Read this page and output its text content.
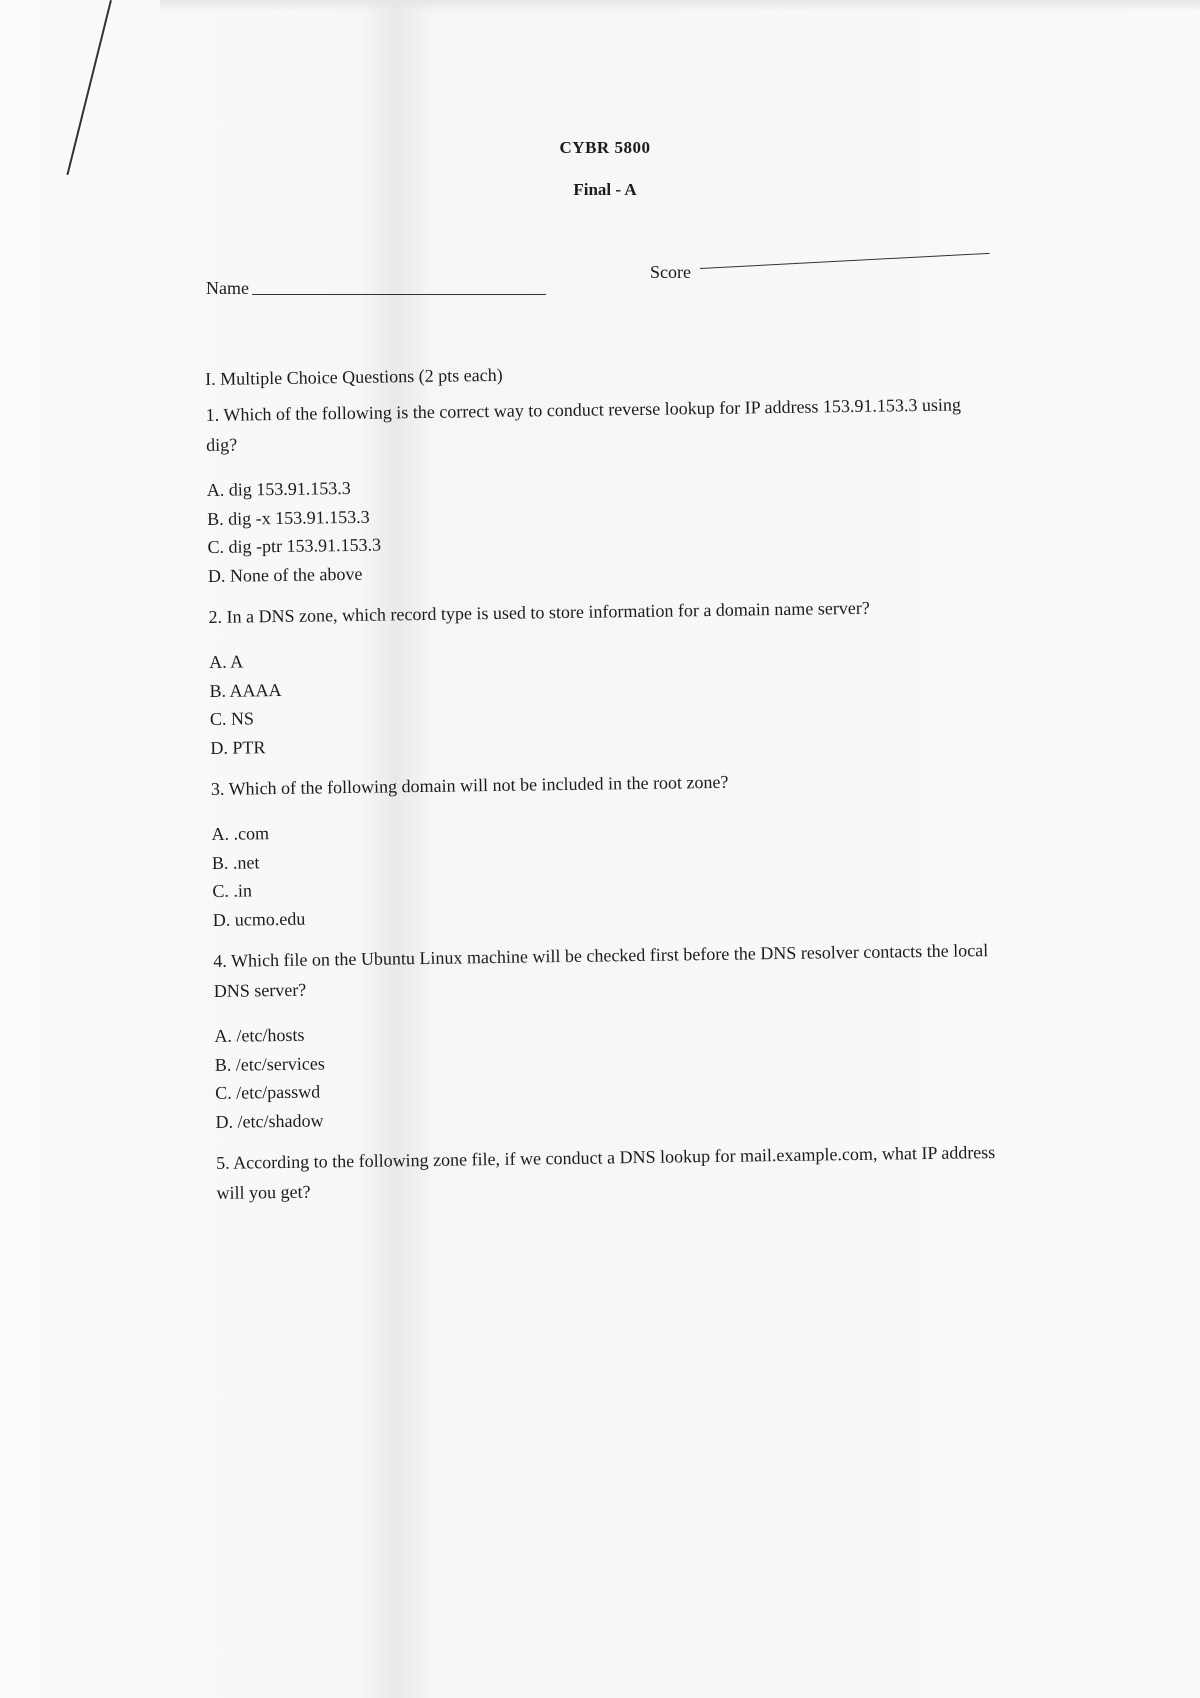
CYBR 5800
Final - A
Name
Score
I. Multiple Choice Questions (2 pts each)
1. Which of the following is the correct way to conduct reverse lookup for IP address 153.91.153.3 using dig?
A. dig 153.91.153.3
B. dig -x 153.91.153.3
C. dig -ptr 153.91.153.3
D. None of the above
2. In a DNS zone, which record type is used to store information for a domain name server?
A. A
B. AAAA
C. NS
D. PTR
3. Which of the following domain will not be included in the root zone?
A. .com
B. .net
C. .in
D. ucmo.edu
4. Which file on the Ubuntu Linux machine will be checked first before the DNS resolver contacts the local DNS server?
A. /etc/hosts
B. /etc/services
C. /etc/passwd
D. /etc/shadow
5. According to the following zone file, if we conduct a DNS lookup for mail.example.com, what IP address will you get?
